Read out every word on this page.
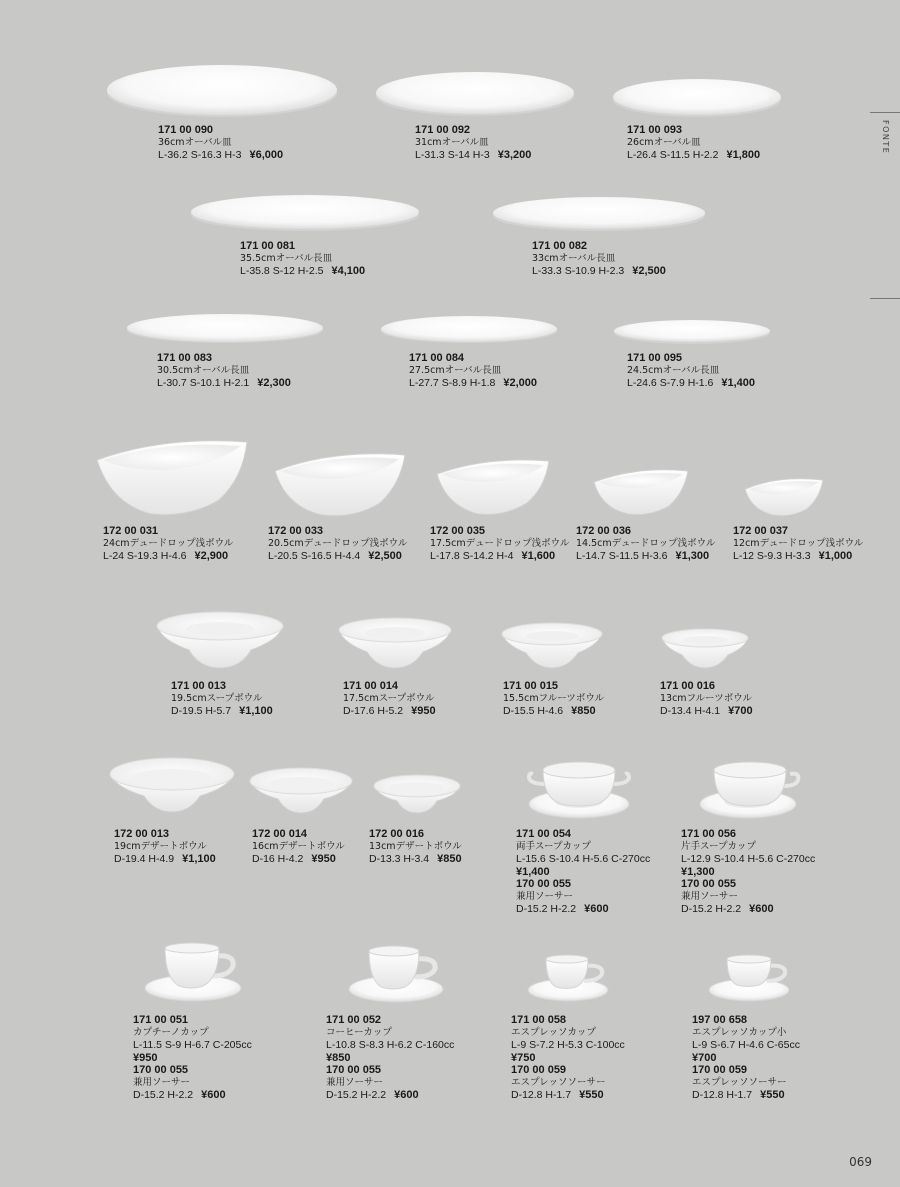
FONTE
069
171 00 090
36cmオーバル皿
L-36.2 S-16.3 H-3 ¥6,000
171 00 092
31cmオーバル皿
L-31.3 S-14 H-3 ¥3,200
171 00 093
26cmオーバル皿
L-26.4 S-11.5 H-2.2 ¥1,800
171 00 081
35.5cmオーバル長皿
L-35.8 S-12 H-2.5 ¥4,100
171 00 082
33cmオーバル長皿
L-33.3 S-10.9 H-2.3 ¥2,500
171 00 083
30.5cmオーバル長皿
L-30.7 S-10.1 H-2.1 ¥2,300
171 00 084
27.5cmオーバル長皿
L-27.7 S-8.9 H-1.8 ¥2,000
171 00 095
24.5cmオーバル長皿
L-24.6 S-7.9 H-1.6 ¥1,400
172 00 031
24cmデュードロップ浅ボウル
L-24 S-19.3 H-4.6 ¥2,900
172 00 033
20.5cmデュードロップ浅ボウル
L-20.5 S-16.5 H-4.4 ¥2,500
172 00 035
17.5cmデュードロップ浅ボウル
L-17.8 S-14.2 H-4 ¥1,600
172 00 036
14.5cmデュードロップ浅ボウル
L-14.7 S-11.5 H-3.6 ¥1,300
172 00 037
12cmデュードロップ浅ボウル
L-12 S-9.3 H-3.3 ¥1,000
171 00 013
19.5cmスープボウル
D-19.5 H-5.7 ¥1,100
171 00 014
17.5cmスープボウル
D-17.6 H-5.2 ¥950
171 00 015
15.5cmフルーツボウル
D-15.5 H-4.6 ¥850
171 00 016
13cmフルーツボウル
D-13.4 H-4.1 ¥700
172 00 013
19cmデザートボウル
D-19.4 H-4.9 ¥1,100
172 00 014
16cmデザートボウル
D-16 H-4.2 ¥950
172 00 016
13cmデザートボウル
D-13.3 H-3.4 ¥850
171 00 054
両手スープカップ
L-15.6 S-10.4 H-5.6 C-270cc
¥1,400
170 00 055
兼用ソーサー
D-15.2 H-2.2 ¥600
171 00 056
片手スープカップ
L-12.9 S-10.4 H-5.6 C-270cc
¥1,300
170 00 055
兼用ソーサー
D-15.2 H-2.2 ¥600
171 00 051
カプチーノカップ
L-11.5 S-9 H-6.7 C-205cc
¥950
170 00 055
兼用ソーサー
D-15.2 H-2.2 ¥600
171 00 052
コーヒーカップ
L-10.8 S-8.3 H-6.2 C-160cc
¥850
170 00 055
兼用ソーサー
D-15.2 H-2.2 ¥600
171 00 058
エスプレッソカップ
L-9 S-7.2 H-5.3 C-100cc
¥750
170 00 059
エスプレッソソーサー
D-12.8 H-1.7 ¥550
197 00 658
エスプレッソカップ小
L-9 S-6.7 H-4.6 C-65cc
¥700
170 00 059
エスプレッソソーサー
D-12.8 H-1.7 ¥550
